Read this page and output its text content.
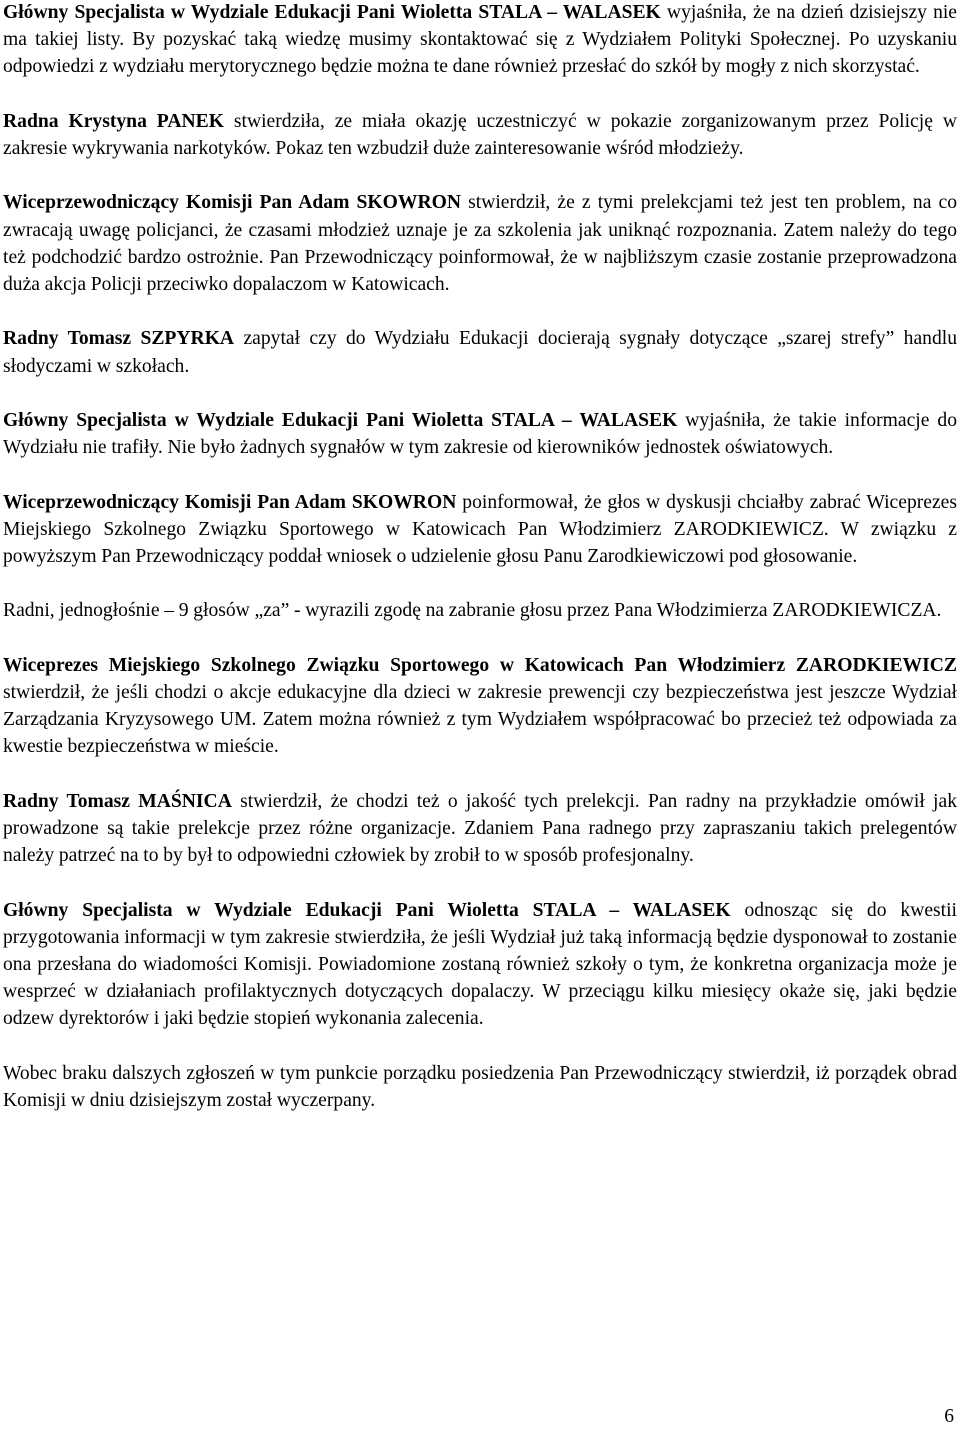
Główny Specjalista w Wydziale Edukacji Pani Wioletta STALA – WALASEK wyjaśniła, że na dzień dzisiejszy nie ma takiej listy. By pozyskać taką wiedzę musimy skontaktować się z Wydziałem Polityki Społecznej. Po uzyskaniu odpowiedzi z wydziału merytorycznego będzie można te dane również przesłać do szkół by mogły z nich skorzystać.

Radna Krystyna PANEK stwierdziła, ze miała okazję uczestniczyć w pokazie zorganizowanym przez Policję w zakresie wykrywania narkotyków. Pokaz ten wzbudził duże zainteresowanie wśród młodzieży.

Wiceprzewodniczący Komisji Pan Adam SKOWRON stwierdził, że z tymi prelekcjami też jest ten problem, na co zwracają uwagę policjanci, że czasami młodzież uznaje je za szkolenia jak uniknąć rozpoznania. Zatem należy do tego też podchodzić bardzo ostrożnie. Pan Przewodniczący poinformował, że w najbliższym czasie zostanie przeprowadzona duża akcja Policji przeciwko dopalaczom w Katowicach.

Radny Tomasz SZPYRKA zapytał czy do Wydziału Edukacji docierają sygnały dotyczące „szarej strefy” handlu słodyczami w szkołach.

Główny Specjalista w Wydziale Edukacji Pani Wioletta STALA – WALASEK wyjaśniła, że takie informacje do Wydziału nie trafiły. Nie było żadnych sygnałów w tym zakresie od kierowników jednostek oświatowych.

Wiceprzewodniczący Komisji Pan Adam SKOWRON poinformował, że głos w dyskusji chciałby zabrać Wiceprezes Miejskiego Szkolnego Związku Sportowego w Katowicach Pan Włodzimierz ZARODKIEWICZ. W związku z powyższym Pan Przewodniczący poddał wniosek o udzielenie głosu Panu Zarodkiewiczowi pod głosowanie.

Radni, jednogłośnie – 9 głosów „za” - wyrazili zgodę na zabranie głosu przez Pana Włodzimierza ZARODKIEWICZA.

Wiceprezes Miejskiego Szkolnego Związku Sportowego w Katowicach Pan Włodzimierz ZARODKIEWICZ stwierdził, że jeśli chodzi o akcje edukacyjne dla dzieci w zakresie prewencji czy bezpieczeństwa jest jeszcze Wydział Zarządzania Kryzysowego UM. Zatem można również z tym Wydziałem współpracować bo przecież też odpowiada za kwestie bezpieczeństwa w mieście.

Radny Tomasz MAŚNICA stwierdził, że chodzi też o jakość tych prelekcji. Pan radny na przykładzie omówił jak prowadzone są takie prelekcje przez różne organizacje. Zdaniem Pana radnego przy zapraszaniu takich prelegentów należy patrzeć na to by był to odpowiedni człowiek by zrobił to w sposób profesjonalny.

Główny Specjalista w Wydziale Edukacji Pani Wioletta STALA – WALASEK odnosząc się do kwestii przygotowania informacji w tym zakresie stwierdziła, że jeśli Wydział już taką informacją będzie dysponował to zostanie ona przesłana do wiadomości Komisji. Powiadomione zostaną również szkoły o tym, że konkretna organizacja może je wesprzeć w działaniach profilaktycznych dotyczących dopalaczy. W przeciągu kilku miesięcy okaże się, jaki będzie odzew dyrektorów i jaki będzie stopień wykonania zalecenia.

Wobec braku dalszych zgłoszeń w tym punkcie porządku posiedzenia Pan Przewodniczący stwierdził, iż porządek obrad Komisji w dniu dzisiejszym został wyczerpany.

6
